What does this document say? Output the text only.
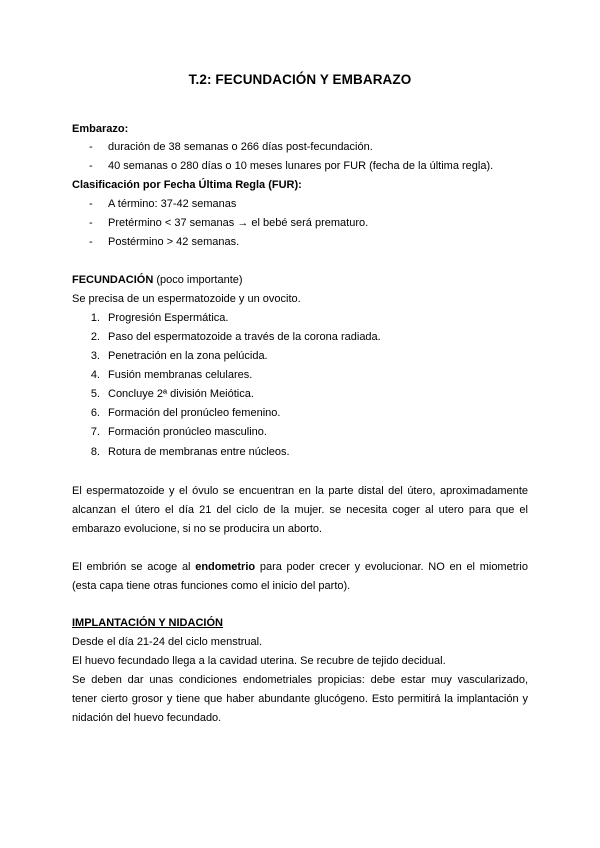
T.2: FECUNDACIÓN Y EMBARAZO
Embarazo:
- duración de 38 semanas o 266 días post-fecundación.
- 40 semanas o 280 días o 10 meses lunares por FUR (fecha de la última regla).
Clasificación por Fecha Última Regla (FUR):
- A término: 37-42 semanas
- Pretérmino < 37 semanas → el bebé será prematuro.
- Postérmino > 42 semanas.
FECUNDACIÓN (poco importante)
Se precisa de un espermatozoide y un ovocito.
1. Progresión Espermática.
2. Paso del espermatozoide a través de la corona radiada.
3. Penetración en la zona pelúcida.
4. Fusión membranas celulares.
5. Concluye 2ª división Meiótica.
6. Formación del pronúcleo femenino.
7. Formación pronúcleo masculino.
8. Rotura de membranas entre núcleos.
El espermatozoide y el óvulo se encuentran en la parte distal del útero, aproximadamente alcanzan el útero el día 21 del ciclo de la mujer. se necesita coger al utero para que el embarazo evolucione, si no se producira un aborto.
El embrión se acoge al endometrio para poder crecer y evolucionar. NO en el miometrio (esta capa tiene otras funciones como el inicio del parto).
IMPLANTACIÓN Y NIDACIÓN
Desde el día 21-24 del ciclo menstrual.
El huevo fecundado llega a la cavidad uterina. Se recubre de tejido decidual.
Se deben dar unas condiciones endometriales propicias: debe estar muy vascularizado, tener cierto grosor y tiene que haber abundante glucógeno. Esto permitirá la implantación y nidación del huevo fecundado.
